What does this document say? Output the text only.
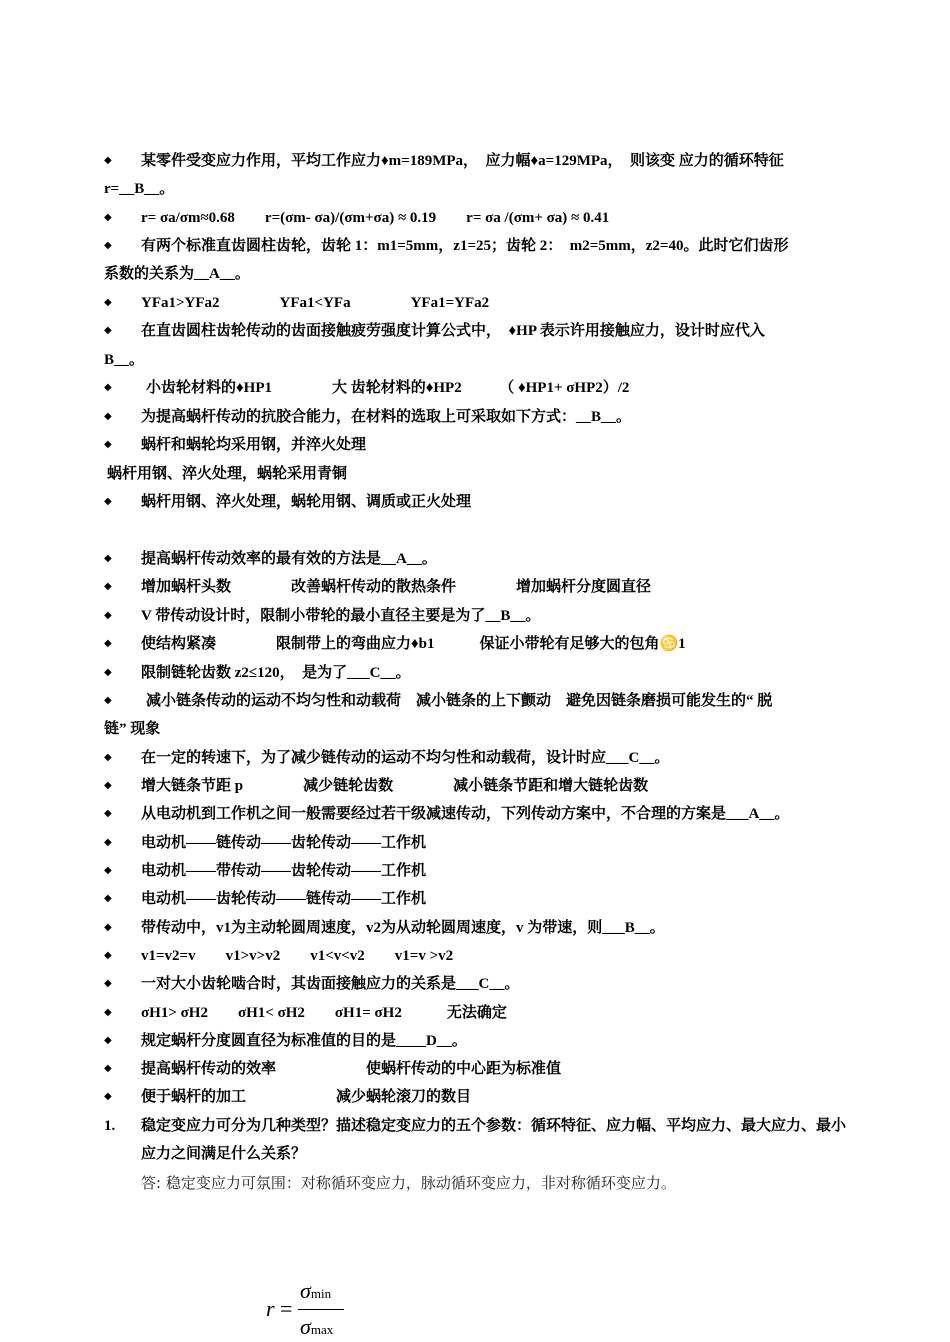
◆ 某零件受变应力作用，平均工作应力♦m=189MPa，　应力幅♦a=129MPa，　则该变 应力的循环特征
r=__B__。
◆ r= σa/σm≈0.68　　r=(σm- σa)/(σm+σa) ≈ 0.19　　r= σa /(σm+ σa) ≈ 0.41
◆ 有两个标准直齿圆柱齿轮，齿轮 1：m1=5mm，z1=25；齿轮 2：　m2=5mm，z2=40。此时它们齿形
系数的关系为__A__。
◆ YFa1>YFa2　　　　YFa1<YFa　　　　YFa1=YFa2
◆ 在直齿圆柱齿轮传动的齿面接触疲劳强度计算公式中，　♦HP 表示许用接触应力，设计时应代入
B__。
◆ 小齿轮材料的♦HP1　　　　大 齿轮材料的♦HP2　　　（ ♦HP1+ σHP2）/2
◆ 为提高蜗杆传动的抗胶合能力，在材料的选取上可采取如下方式：__B__。
◆ 蜗杆和蜗轮均采用钢，并淬火处理
蜗杆用钢、淬火处理，蜗轮采用青铜
◆ 蜗杆用钢、淬火处理，蜗轮用钢、调质或正火处理
◆ 提高蜗杆传动效率的最有效的方法是__A__。
◆ 增加蜗杆头数　　　　改善蜗杆传动的散热条件　　　　增加蜗杆分度圆直径
◆ V 带传动设计时，限制小带轮的最小直径主要是为了__B__。
◆ 使结构紧凑　　　　限制带上的弯曲应力♦b1　　　保证小带轮有足够大的包角♋1
◆ 限制链轮齿数 z2≤120，　是为了___C__。
◆ 减小链条传动的运动不均匀性和动载荷　减小链条的上下颤动　避免因链条磨损可能发生的“ 脱
链” 现象
◆ 在一定的转速下，为了减少链传动的运动不均匀性和动载荷，设计时应___C__。
◆ 增大链条节距 p　　　　减少链轮齿数　　　　减小链条节距和增大链轮齿数
◆ 从电动机到工作机之间一般需要经过若干级减速传动，下列传动方案中，不合理的方案是___A__。
◆ 电动机——链传动——齿轮传动——工作机
◆ 电动机——带传动——齿轮传动——工作机
◆ 电动机——齿轮传动——链传动——工作机
◆ 带传动中，v1为主动轮圆周速度，v2为从动轮圆周速度，v 为带速，则___B__。
◆ v1=v2=v　　v1>v>v2　　v1<v<v2　　v1=v >v2
◆ 一对大小齿轮啮合时，其齿面接触应力的关系是___C__。
◆ σH1> σH2　　σH1< σH2　　σH1= σH2　　　无法确定
◆ 规定蜗杆分度圆直径为标准值的目的是____D__。
◆ 提高蜗杆传动的效率　　　　　　使蜗杆传动的中心距为标准值
◆ 便于蜗杆的加工　　　　　　减少蜗轮滚刀的数目
1. 稳定变应力可分为几种类型？描述稳定变应力的五个参数：循环特征、应力幅、平均应力、最大应力、最小应力之间满足什么关系？
答: 稳定变应力可氛围：对称循环变应力，脉动循环变应力，非对称循环变应力。
r =
σmin
σmax
